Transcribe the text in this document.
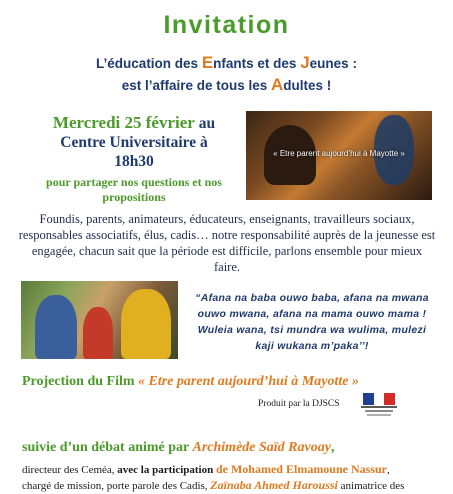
Invitation
L’éducation des Enfants et des Jeunes :
est l’affaire de tous les Adultes !
Mercredi 25 février au
Centre Universitaire à
18h30
pour partager nos questions et nos propositions
« Etre parent aujourd’hui à Mayotte »
Foundis, parents, animateurs, éducateurs, enseignants, travailleurs sociaux, responsables associatifs, élus, cadis… notre responsabilité auprès de la jeunesse est engagée, chacun sait que la période est difficile, parlons ensemble pour mieux faire.
“Afana na baba ouwo baba, afana na mwana ouwo mwana, afana na mama ouwo mama ! Wuleia wana, tsi mundra wa wulima, mulezi kaji wukana m’paka’’!
Projection du Film « Etre parent aujourd’hui à Mayotte »
Produit par la DJSCS
suivie d’un débat animé par Archimède Saïd Ravoay,
directeur des Ceméa, avec la participation de Mohamed Elmamoune Nassur,
chargé de mission, porte parole des Cadis, Zaïnaba Ahmed Haroussi animatrice des
